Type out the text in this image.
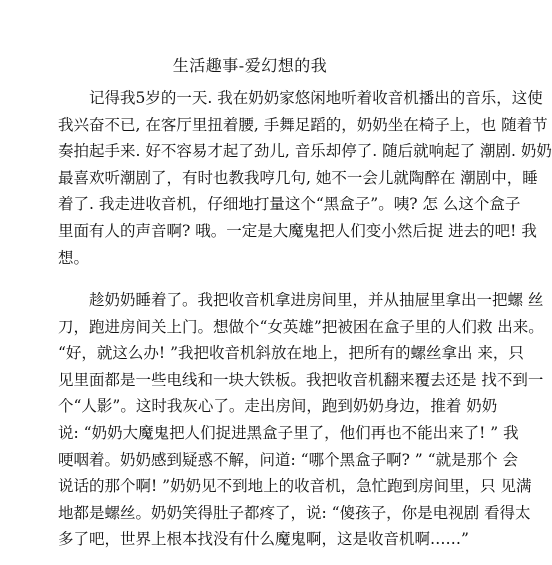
生活趣事-爱幻想的我
　　记得我5岁的一天. 我在奶奶家悠闲地听着收音机播出的音乐，这使
我兴奋不已, 在客厅里扭着腰, 手舞足蹈的，奶奶坐在椅子上，也 随着节
奏拍起手来. 好不容易才起了劲儿, 音乐却停了. 随后就响起了 潮剧. 奶奶
最喜欢听潮剧了，有时也教我哼几句, 她不一会儿就陶醉在 潮剧中，睡
着了. 我走进收音机，仔细地打量这个“黑盒子”。咦? 怎 么这个盒子
里面有人的声音啊? 哦。一定是大魔鬼把人们变小然后捉 进去的吧! 我
想。
　　趁奶奶睡着了。我把收音机拿进房间里，并从抽屉里拿出一把螺 丝
刀，跑进房间关上门。想做个“女英雄”把被困在盒子里的人们救 出来。
“好，就这么办! ”我把收音机斜放在地上，把所有的螺丝拿出 来，只
见里面都是一些电线和一块大铁板。我把收音机翻来覆去还是 找不到一
个“人影”。这时我灰心了。走出房间，跑到奶奶身边，推着 奶奶
说: “奶奶大魔鬼把人们捉进黑盒子里了，他们再也不能出来了! ” 我
哽咽着。奶奶感到疑惑不解，问道: “哪个黑盒子啊? ” “就是那个 会
说话的那个啊! ”奶奶见不到地上的收音机，急忙跑到房间里，只 见满
地都是螺丝。奶奶笑得肚子都疼了，说: “傻孩子，你是电视剧 看得太
多了吧，世界上根本找没有什么魔鬼啊，这是收音机啊……”
